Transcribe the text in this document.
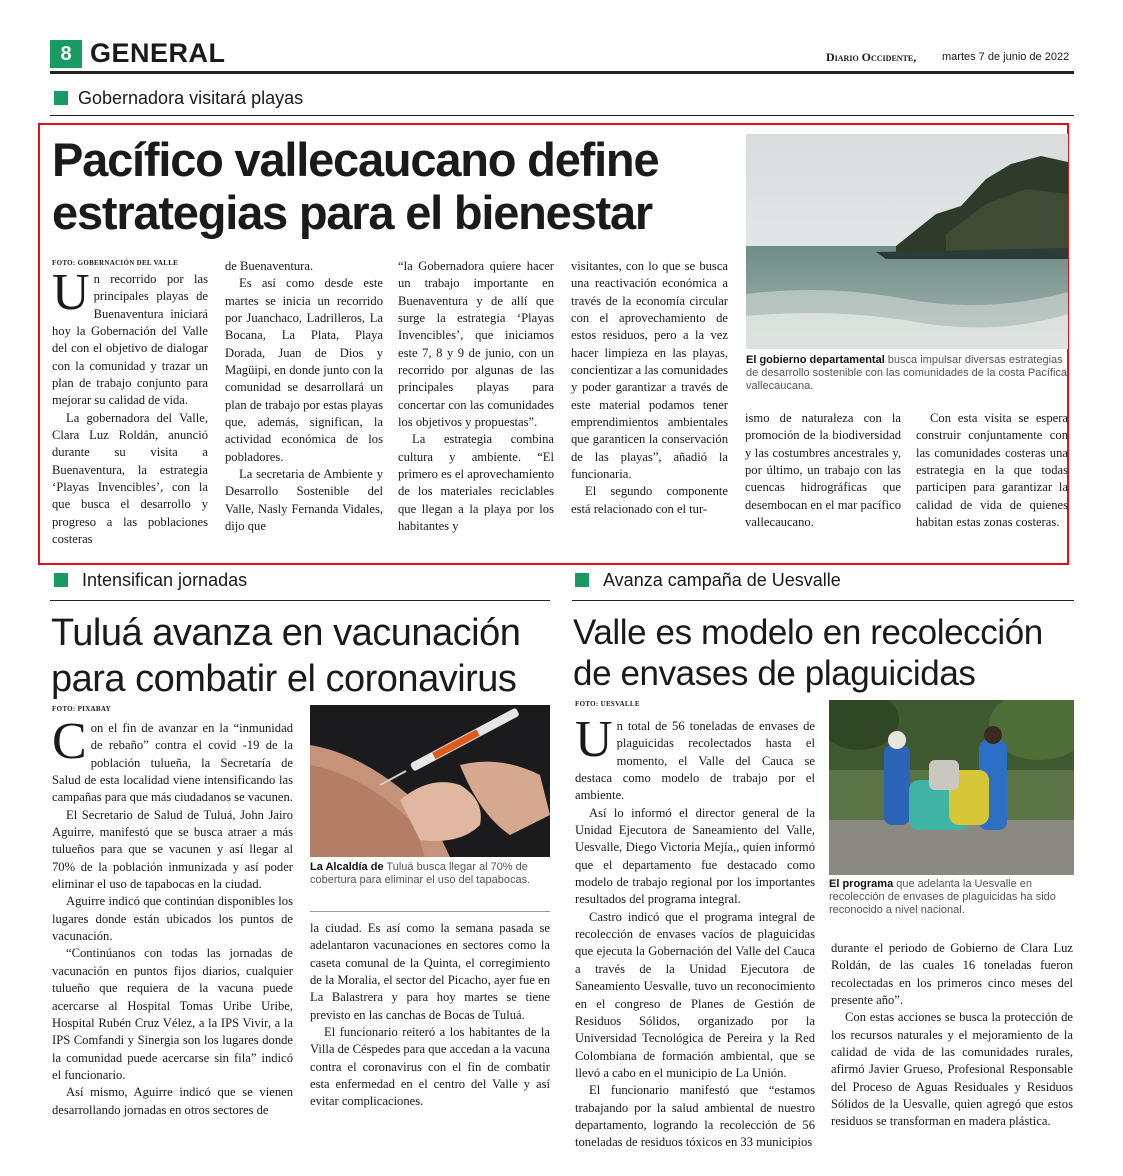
8 GENERAL	Diario Occidente, martes 7 de junio de 2022
Gobernadora visitará playas
Pacífico vallecaucano define
estrategias para el bienestar
El gobierno departamental busca impulsar diversas estrategias de desarrollo sostenible con las comunidades de la costa Pacífica vallecaucana.
FOTO: GOBERNACIÓN DEL VALLE

Un recorrido por las principales playas de Buenaventura iniciará hoy la Gobernación del Valle del con el objetivo de dialogar con la comunidad y trazar un plan de trabajo conjunto para mejorar su calidad de vida.

La gobernadora del Valle, Clara Luz Roldán, anunció durante su visita a Buenaventura, la estrategia ‘Playas Invencibles’, con la que busca el desarrollo y progreso a las poblaciones costeras

de Buenaventura.

Es así como desde este martes se inicia un recorrido por Juanchaco, Ladrilleros, La Bocana, La Plata, Playa Dorada, Juan de Dios y Magüipi, en donde junto con la comunidad se desarrollará un plan de trabajo por estas playas que, además, significan, la actividad económica de los pobladores.

La secretaria de Ambiente y Desarrollo Sostenible del Valle, Nasly Fernanda Vidales, dijo que

“la Gobernadora quiere hacer un trabajo importante en Buenaventura y de allí que surge la estrategia ‘Playas Invencibles’, que iniciamos este 7, 8 y 9 de junio, con un recorrido por algunas de las principales playas para concertar con las comunidades los objetivos y propuestas”.

La estrategia combina cultura y ambiente. “El primero es el aprovechamiento de los materiales reciclables que llegan a la playa por los habitantes y

visitantes, con lo que se busca una reactivación económica a través de la economía circular con el aprovechamiento de estos residuos, pero a la vez hacer limpieza en las playas, concientizar a las comunidades y poder garantizar a través de este material podamos tener emprendimientos ambientales que garanticen la conservación de las playas”, añadió la funcionaria.

El segundo componente está relacionado con el tur-

ismo de naturaleza con la promoción de la biodiversidad y las costumbres ancestrales y, por último, un trabajo con las cuencas hidrográficas que desembocan en el mar pacífico vallecaucano.

Con esta visita se espera construir conjuntamente con las comunidades costeras una estrategia en la que todas participen para garantizar la calidad de vida de quienes habitan estas zonas costeras.

Intensifican jornadas
Tuluá avanza en vacunación
para combatir el coronavirus
FOTO: PIXABAY
La Alcaldía de Tuluá busca llegar al 70% de cobertura para eliminar el uso del tapabocas.

Con el fin de avanzar en la “inmunidad de rebaño” contra el covid -19 de la población tulueña, la Secretaría de Salud de esta localidad viene intensificando las campañas para que más ciudadanos se vacunen.

El Secretario de Salud de Tuluá, John Jairo Aguirre, manifestó que se busca atraer a más tulueños para que se vacunen y así llegar al 70% de la población inmunizada y así poder eliminar el uso de tapabocas en la ciudad.

Aguirre indicó que continúan disponibles los lugares donde están ubicados los puntos de vacunación.

“Continúanos con todas las jornadas de vacunación en puntos fijos diarios, cualquier tulueño que requiera de la vacuna puede acercarse al Hospital Tomas Uribe Uribe, Hospital Rubén Cruz Vélez, a la IPS Vivir, a la IPS Comfandi y Sinergia son los lugares donde la comunidad puede acercarse sin fila” indicó el funcionario.

Así mismo, Aguirre indicó que se vienen desarrollando jornadas en otros sectores de

la ciudad. Es así como la semana pasada se adelantaron vacunaciones en sectores como la caseta comunal de la Quinta, el corregimiento de la Moralia, el sector del Picacho, ayer fue en La Balastrera y para hoy martes se tiene previsto en las canchas de Bocas de Tuluá.

El funcionario reiteró a los habitantes de la Villa de Céspedes para que accedan a la vacuna contra el coronavirus con el fin de combatir esta enfermedad en el centro del Valle y así evitar complicaciones.

Avanza campaña de Uesvalle
Valle es modelo en recolección
de envases de plaguicidas
FOTO: UESVALLE
El programa que adelanta la Uesvalle en recolección de envases de plaguicidas ha sido reconocido a nivel nacional.

Un total de 56 toneladas de envases de plaguicidas recolectados hasta el momento, el Valle del Cauca se destaca como modelo de trabajo por el ambiente.

Así lo informó el director general de la Unidad Ejecutora de Saneamiento del Valle, Uesvalle, Diego Victoria Mejía,, quien informó que el departamento fue destacado como modelo de trabajo regional por los importantes resultados del programa integral.

Castro indicó que el programa integral de recolección de envases vacíos de plaguicidas que ejecuta la Gobernación del Valle del Cauca a través de la Unidad Ejecutora de Saneamiento Uesvalle, tuvo un reconocimiento en el congreso de Planes de Gestión de Residuos Sólidos, organizado por la Universidad Tecnológica de Pereira y la Red Colombiana de formación ambiental, que se llevó a cabo en el municipio de La Unión.

El funcionario manifestó que “estamos trabajando por la salud ambiental de nuestro departamento, logrando la recolección de 56 toneladas de residuos tóxicos en 33 municipios

durante el periodo de Gobierno de Clara Luz Roldán, de las cuales 16 toneladas fueron recolectadas en los primeros cinco meses del presente año”.

Con estas acciones se busca la protección de los recursos naturales y el mejoramiento de la calidad de vida de las comunidades rurales, afirmó Javier Grueso, Profesional Responsable del Proceso de Aguas Residuales y Residuos Sólidos de la Uesvalle, quien agregó que estos residuos se transforman en madera plástica.
